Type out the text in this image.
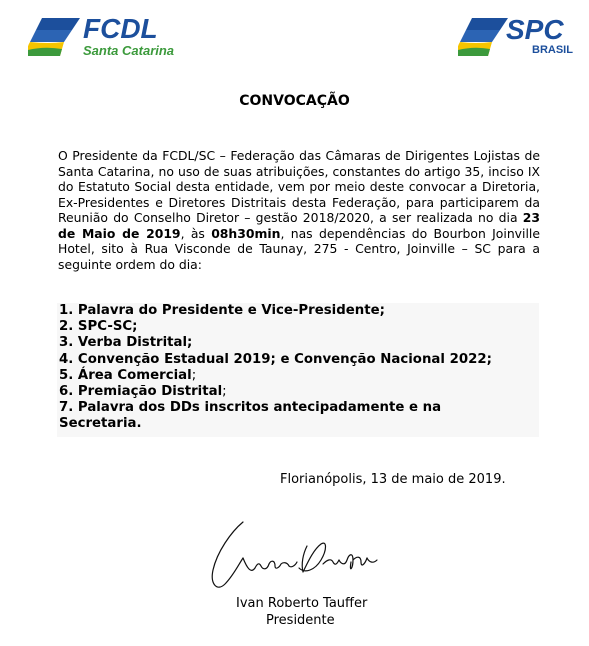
FCDL
Santa Catarina
SPC
BRASIL
CONVOCAÇÃO
O Presidente da FCDL/SC – Federação das Câmaras de Dirigentes Lojistas de Santa Catarina, no uso de suas atribuições, constantes do artigo 35, inciso IX do Estatuto Social desta entidade, vem por meio deste convocar a Diretoria, Ex-Presidentes e Diretores Distritais desta Federação, para participarem da Reunião do Conselho Diretor – gestão 2018/2020, a ser realizada no dia 23 de Maio de 2019, às 08h30min, nas dependências do Bourbon Joinville Hotel, sito à Rua Visconde de Taunay, 275 - Centro, Joinville – SC para a seguinte ordem do dia:
1. Palavra do Presidente e Vice-Presidente;
2. SPC-SC;
3. Verba Distrital;
4. Convenção Estadual 2019; e Convenção Nacional 2022;
5. Área Comercial;
6. Premiação Distrital;
7. Palavra dos DDs inscritos antecipadamente e na Secretaria.
Florianópolis, 13 de maio de 2019.
Ivan Roberto Tauffer
Presidente
